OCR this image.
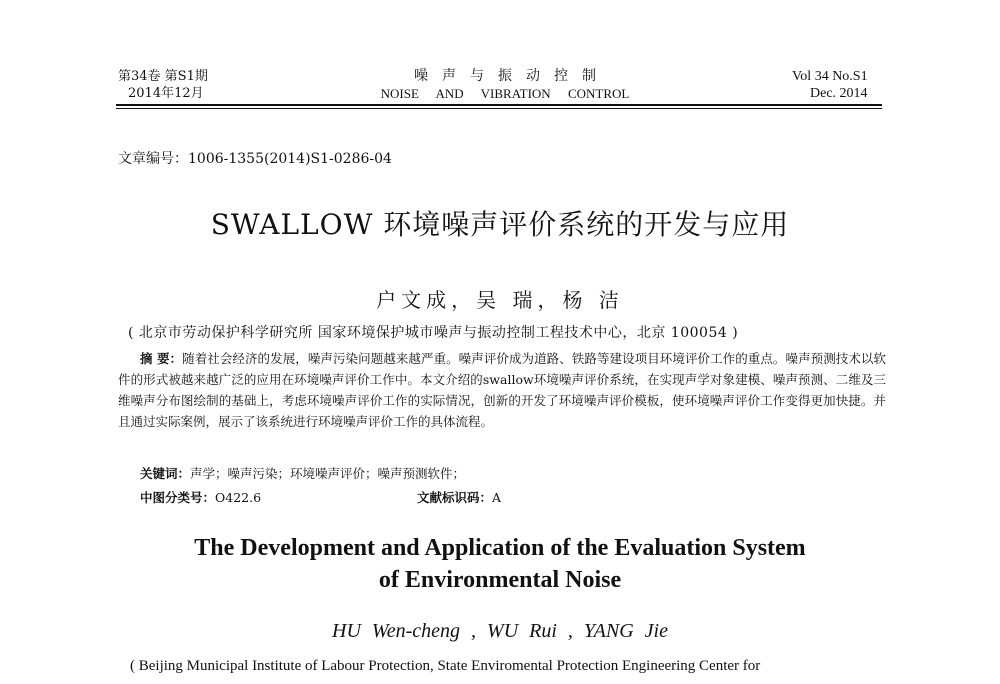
第34卷 第S1期
2014年12月
噪声与振动控制
NOISE AND VIBRATION CONTROL
Vol 34 No.S1
Dec. 2014
文章编号：1006-1355(2014)S1-0286-04
SWALLOW 环境噪声评价系统的开发与应用
户文成，吴 瑞，杨 洁
( 北京市劳动保护科学研究所 国家环境保护城市噪声与振动控制工程技术中心，北京 100054 )
摘 要：随着社会经济的发展，噪声污染问题越来越严重。噪声评价成为道路、铁路等建设项目环境评价工作的重点。噪声预测技术以软件的形式被越来越广泛的应用在环境噪声评价工作中。本文介绍的swallow环境噪声评价系统，在实现声学对象建模、噪声预测、二维及三维噪声分布图绘制的基础上，考虑环境噪声评价工作的实际情况，创新的开发了环境噪声评价模板，使环境噪声评价工作变得更加快捷。并且通过实际案例，展示了该系统进行环境噪声评价工作的具体流程。
关键词：声学；噪声污染；环境噪声评价；噪声预测软件；
中图分类号：O422.6	文献标识码：A
The Development and Application of the Evaluation System
of Environmental Noise
HU Wen-cheng , WU Rui , YANG Jie
( Beijing Municipal Institute of Labour Protection, State Enviromental Protection Engineering Center for
